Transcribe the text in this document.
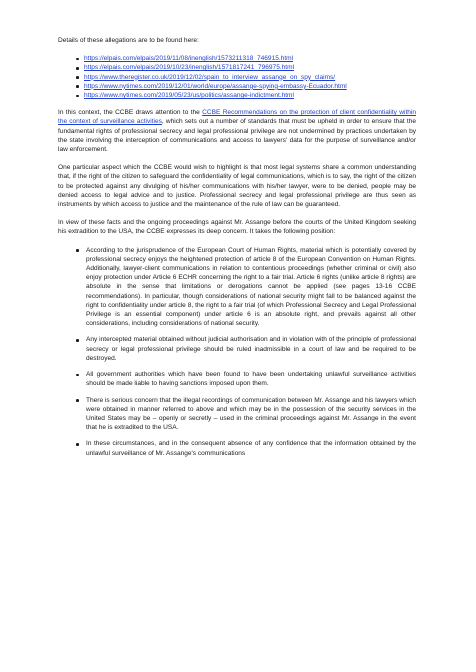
Details of these allegations are to be found here:

https://elpais.com/elpais/2019/11/08/inenglish/1573211318_746915.html
https://elpais.com/elpais/2019/10/23/inenglish/1571817241_796975.html
https://www.theregister.co.uk/2019/12/02/spain_to_interview_assange_on_spy_claims/
https://www.nytimes.com/2019/12/01/world/europe/assange-spying-embassy-Ecuador.html
https://www.nytimes.com/2019/05/23/us/politics/assange-indictment.html

In this context, the CCBE draws attention to the CCBE Recommendations on the protection of client confidentiality within the context of surveillance activities, which sets out a number of standards that must be upheld in order to ensure that the fundamental rights of professional secrecy and legal professional privilege are not undermined by practices undertaken by the state involving the interception of communications and access to lawyers' data for the purpose of surveillance and/or law enforcement.

One particular aspect which the CCBE would wish to highlight is that most legal systems share a common understanding that, if the right of the citizen to safeguard the confidentiality of legal communications, which is to say, the right of the citizen to be protected against any divulging of his/her communications with his/her lawyer, were to be denied, people may be denied access to legal advice and to justice. Professional secrecy and legal professional privilege are thus seen as instruments by which access to justice and the maintenance of the rule of law can be guaranteed.

In view of these facts and the ongoing proceedings against Mr. Assange before the courts of the United Kingdom seeking his extradition to the USA, the CCBE expresses its deep concern. It takes the following position:

According to the jurisprudence of the European Court of Human Rights, material which is potentially covered by professional secrecy enjoys the heightened protection of article 8 of the European Convention on Human Rights. Additionally, lawyer-client communications in relation to contentious proceedings (whether criminal or civil) also enjoy protection under Article 6 ECHR concerning the right to a fair trial. Article 6 rights (unlike article 8 rights) are absolute in the sense that limitations or derogations cannot be applied (see pages 13-16 CCBE recommendations). In particular, though considerations of national security might fall to be balanced against the right to confidentiality under article 8, the right to a fair trial (of which Professional Secrecy and Legal Professional Privilege is an essential component) under article 6 is an absolute right, and prevails against all other considerations, including considerations of national security.
Any intercepted material obtained without judicial authorisation and in violation with of the principle of professional secrecy or legal professional privilege should be ruled inadmissible in a court of law and be required to be destroyed.
All government authorities which have been found to have been undertaking unlawful surveillance activities should be made liable to having sanctions imposed upon them.
There is serious concern that the illegal recordings of communication between Mr. Assange and his lawyers which were obtained in manner referred to above and which may be in the possession of the security services in the United States may be – openly or secretly – used in the criminal proceedings against Mr. Assange in the event that he is extradited to the USA.
In these circumstances, and in the consequent absence of any confidence that the information obtained by the unlawful surveillance of Mr. Assange's communications
